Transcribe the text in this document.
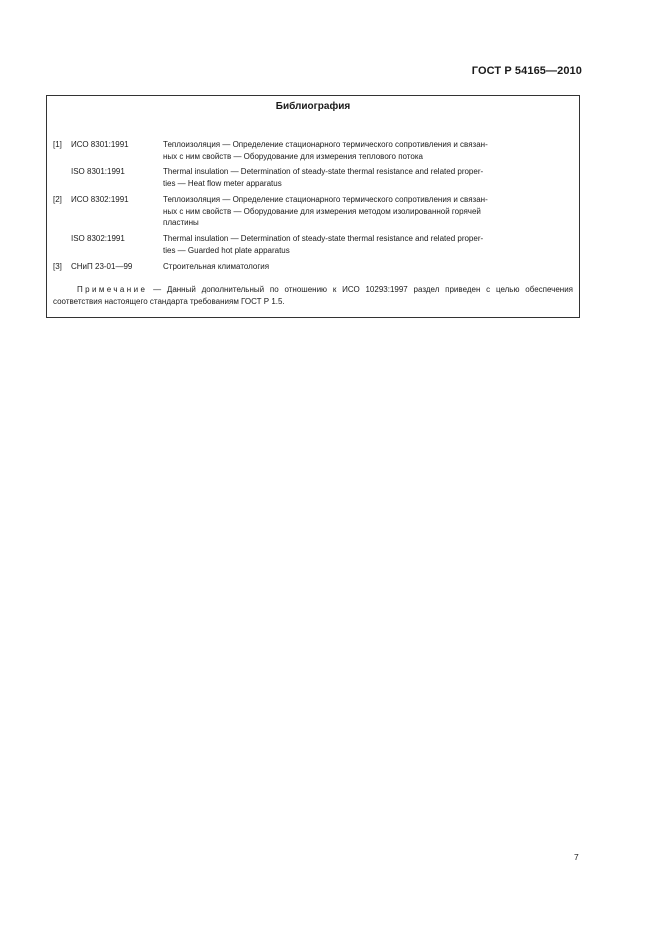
ГОСТ Р 54165—2010
Библиография
[1] ИСО 8301:1991	Теплоизоляция — Определение стационарного термического сопротивления и связан-
ных с ним свойств — Оборудование для измерения теплового потока
ISO 8301:1991	Thermal insulation — Determination of steady-state thermal resistance and related proper-
ties — Heat flow meter apparatus
[2] ИСО 8302:1991	Теплоизоляция — Определение стационарного термического сопротивления и связан-
ных с ним свойств — Оборудование для измерения методом изолированной горячей
пластины
ISO 8302:1991	Thermal insulation — Determination of steady-state thermal resistance and related proper-
ties — Guarded hot plate apparatus
[3] СНиП 23-01—99	Строительная климатология
Примечание — Данный дополнительный по отношению к ИСО 10293:1997 раздел приведен с целью обеспечения соответствия настоящего стандарта требованиям ГОСТ Р 1.5.
7
